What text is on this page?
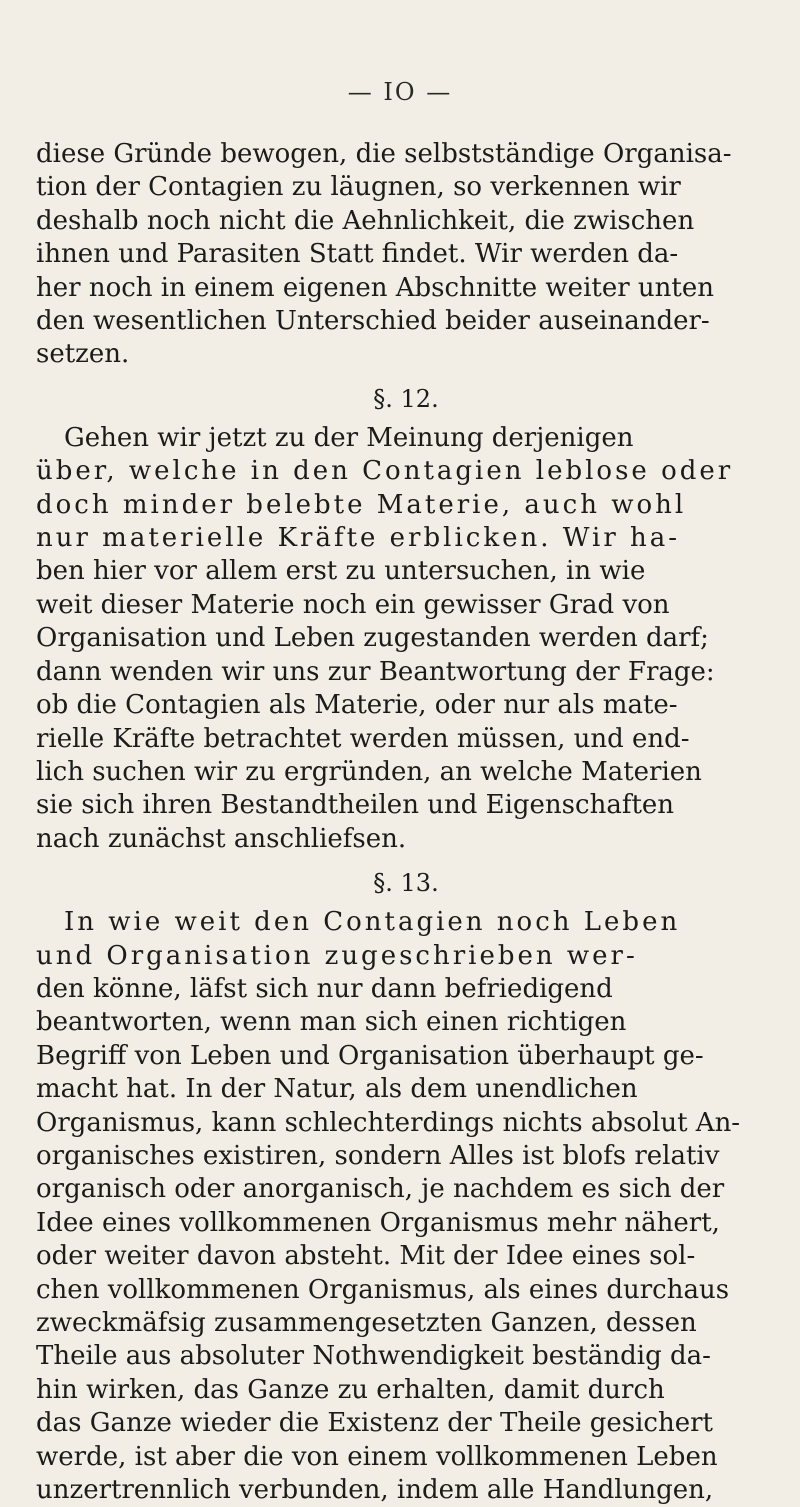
— IO —
diese Gründe bewogen, die selbstständige Organisa-
tion der Contagien zu läugnen, so verkennen wir
deshalb noch nicht die Aehnlichkeit, die zwischen
ihnen und Parasiten Statt findet. Wir werden da-
her noch in einem eigenen Abschnitte weiter unten
den wesentlichen Unterschied beider auseinander-
setzen.
§. 12.
Gehen wir jetzt zu der Meinung derjenigen
über, welche in den Contagien leblose oder
doch minder belebte Materie, auch wohl
nur materielle Kräfte erblicken. Wir ha-
ben hier vor allem erst zu untersuchen, in wie
weit dieser Materie noch ein gewisser Grad von
Organisation und Leben zugestanden werden darf;
dann wenden wir uns zur Beantwortung der Frage:
ob die Contagien als Materie, oder nur als mate-
rielle Kräfte betrachtet werden müssen, und end-
lich suchen wir zu ergründen, an welche Materien
sie sich ihren Bestandtheilen und Eigenschaften
nach zunächst anschliefsen.
§. 13.
In wie weit den Contagien noch Leben
und Organisation zugeschrieben wer-
den könne, läfst sich nur dann befriedigend
beantworten, wenn man sich einen richtigen
Begriff von Leben und Organisation überhaupt ge-
macht hat. In der Natur, als dem unendlichen
Organismus, kann schlechterdings nichts absolut An-
organisches existiren, sondern Alles ist blofs relativ
organisch oder anorganisch, je nachdem es sich der
Idee eines vollkommenen Organismus mehr nähert,
oder weiter davon absteht. Mit der Idee eines sol-
chen vollkommenen Organismus, als eines durchaus
zweckmäfsig zusammengesetzten Ganzen, dessen
Theile aus absoluter Nothwendigkeit beständig da-
hin wirken, das Ganze zu erhalten, damit durch
das Ganze wieder die Existenz der Theile gesichert
werde, ist aber die von einem vollkommenen Leben
unzertrennlich verbunden, indem alle Handlungen,
